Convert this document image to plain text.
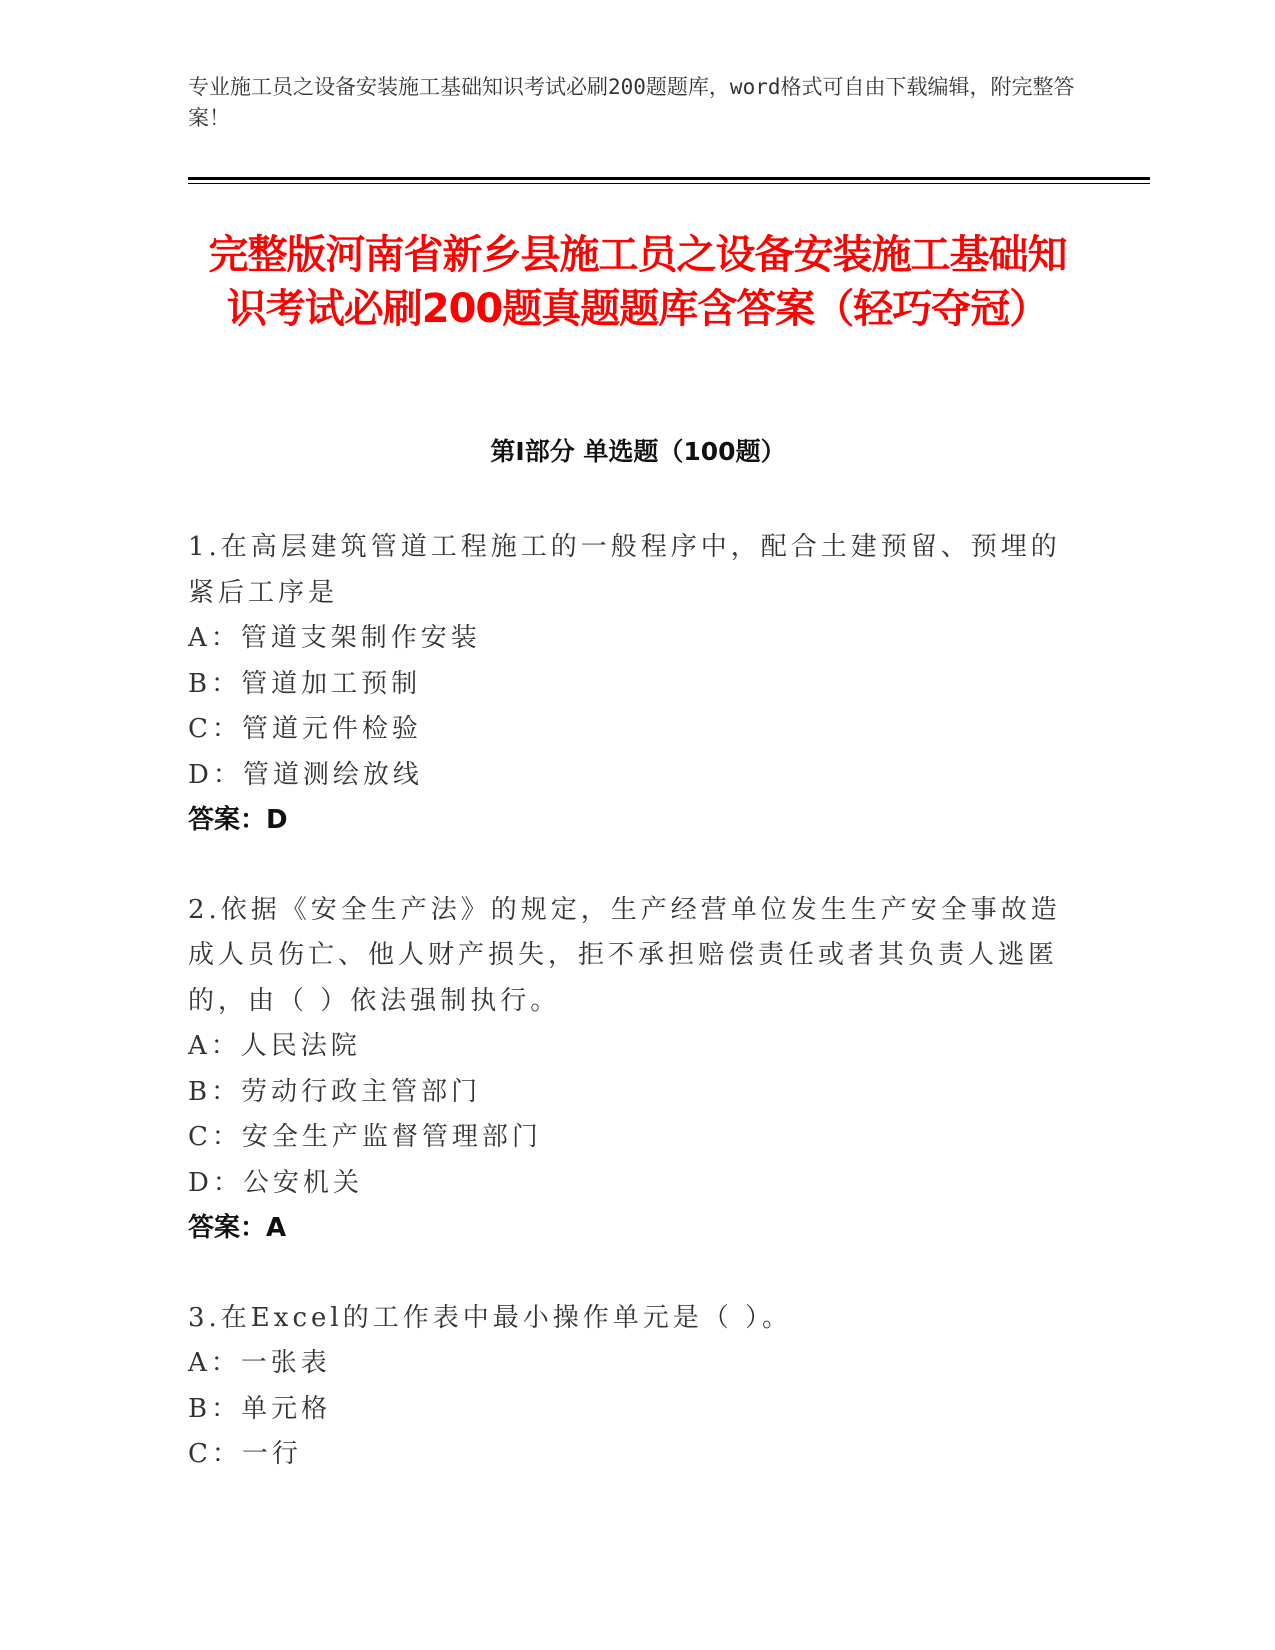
专业施工员之设备安装施工基础知识考试必刷200题题库，word格式可自由下载编辑，附完整答案！
完整版河南省新乡县施工员之设备安装施工基础知识考试必刷200题真题题库含答案（轻巧夺冠）
第I部分 单选题（100题）
1.在高层建筑管道工程施工的一般程序中，配合土建预留、预埋的紧后工序是
A：管道支架制作安装
B：管道加工预制
C：管道元件检验
D：管道测绘放线
答案：D
2.依据《安全生产法》的规定，生产经营单位发生生产安全事故造成人员伤亡、他人财产损失，拒不承担赔偿责任或者其负责人逃匿的，由（ ）依法强制执行。
A：人民法院
B：劳动行政主管部门
C：安全生产监督管理部门
D：公安机关
答案：A
3.在Excel的工作表中最小操作单元是（ ）。
A：一张表
B：单元格
C：一行
